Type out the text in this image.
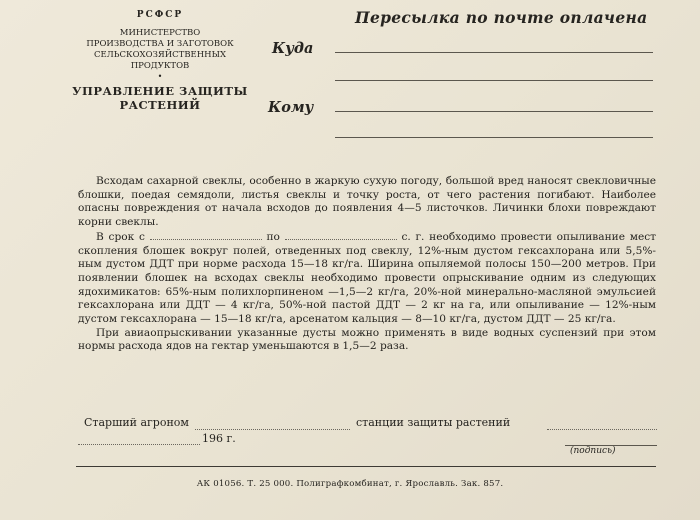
РСФСР
МИНИСТЕРСТВО
ПРОИЗВОДСТВА И ЗАГОТОВОК
СЕЛЬСКОХОЗЯЙСТВЕННЫХ
ПРОДУКТОВ
•
УПРАВЛЕНИЕ ЗАЩИТЫ
РАСТЕНИЙ
Пересылка по почте оплачена
Куда
Кому

Всходам сахарной свеклы, особенно в жаркую сухую погоду, большой вред наносят свекловичные блошки, поедая семядоли, листья свеклы и точку роста, от чего растения погибают. Наиболее опасны повреждения от начала всходов до появления 4—5 листочков. Личинки блохи повреждают корни свеклы.

В срок с	по	с. г. необходимо провести опыливание мест скопления блошек вокруг полей, отведенных под свеклу, 12%-ным дустом гексахлорана или 5,5%-ным дустом ДДТ при норме расхода 15—18 кг/га. Ширина опыляемой полосы 150—200 метров. При появлении блошек на всходах свеклы необходимо провести опрыскивание одним из следующих ядохимикатов: 65%-ным полихлорпиненом —1,5—2 кг/га, 20%-ной минерально-масляной эмульсией гексахлорана или ДДТ — 4 кг/га, 50%-ной пастой ДДТ — 2 кг на га, или опыливание — 12%-ным дустом гексахлорана — 15—18 кг/га, арсенатом кальция — 8—10 кг/га, дустом ДДТ — 25 кг/га.

При авиаопрыскивании указанные дусты можно применять в виде водных суспензий при этом нормы расхода ядов на гектар уменьшаются в 1,5—2 раза.

Старший агроном	станции защиты растений
196 г.
(подпись)
АК 01056. Т. 25 000. Полиграфкомбинат, г. Ярославль. Зак. 857.
